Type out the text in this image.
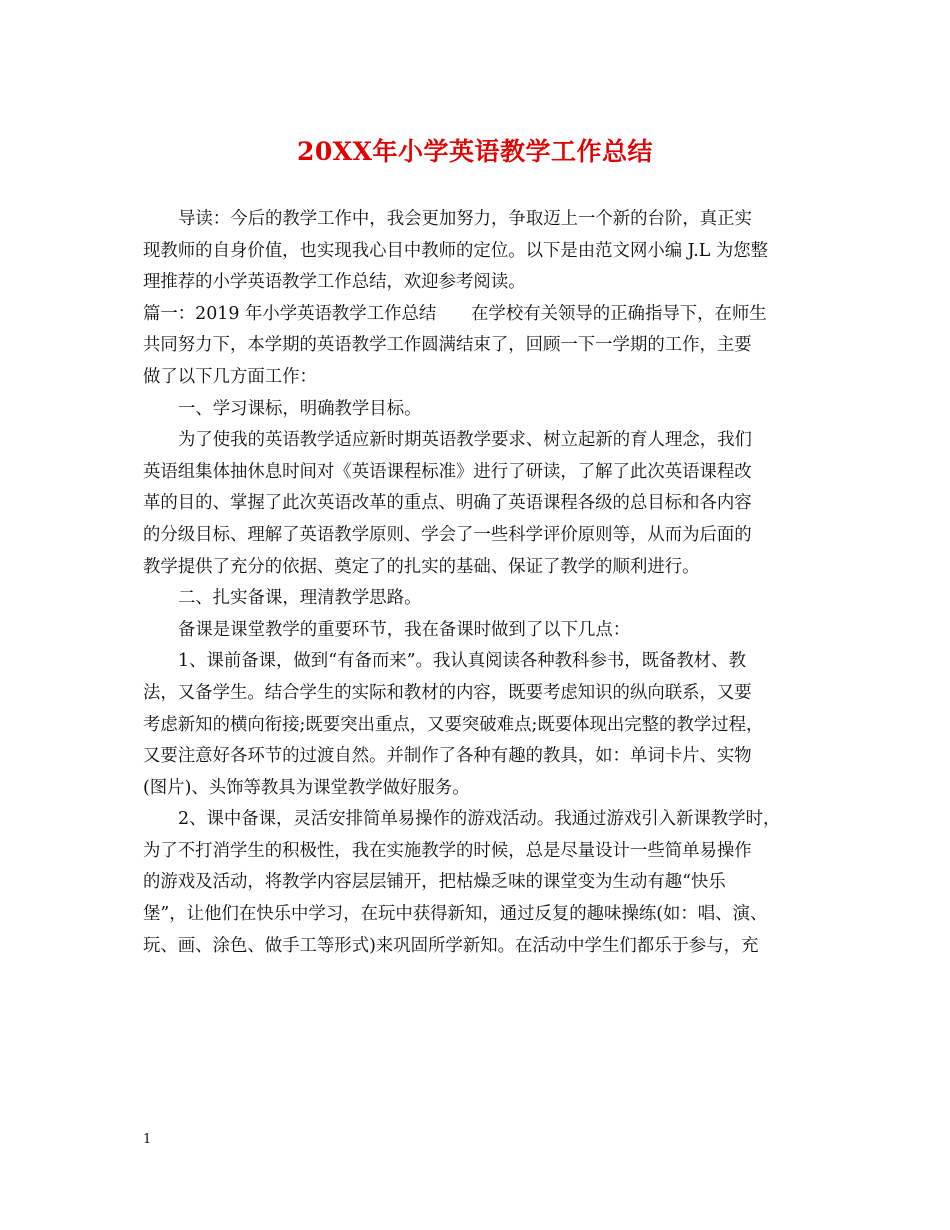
20XX年小学英语教学工作总结
导读：今后的教学工作中，我会更加努力，争取迈上一个新的台阶，真正实
现教师的自身价值，也实现我心目中教师的定位。以下是由范文网小编 J.L 为您整
理推荐的小学英语教学工作总结，欢迎参考阅读。
篇一：2019 年小学英语教学工作总结　　在学校有关领导的正确指导下，在师生
共同努力下，本学期的英语教学工作圆满结束了，回顾一下一学期的工作，主要
做了以下几方面工作：
一、学习课标，明确教学目标。
为了使我的英语教学适应新时期英语教学要求、树立起新的育人理念，我们
英语组集体抽休息时间对《英语课程标准》进行了研读，了解了此次英语课程改
革的目的、掌握了此次英语改革的重点、明确了英语课程各级的总目标和各内容
的分级目标、理解了英语教学原则、学会了一些科学评价原则等，从而为后面的
教学提供了充分的依据、奠定了的扎实的基础、保证了教学的顺利进行。
二、扎实备课，理清教学思路。
备课是课堂教学的重要环节，我在备课时做到了以下几点：
1、课前备课，做到“有备而来”。我认真阅读各种教科参书，既备教材、教
法，又备学生。结合学生的实际和教材的内容，既要考虑知识的纵向联系，又要
考虑新知的横向衔接;既要突出重点，又要突破难点;既要体现出完整的教学过程，
又要注意好各环节的过渡自然。并制作了各种有趣的教具，如：单词卡片、实物
(图片)、头饰等教具为课堂教学做好服务。
2、课中备课，灵活安排简单易操作的游戏活动。我通过游戏引入新课教学时，
为了不打消学生的积极性，我在实施教学的时候，总是尽量设计一些简单易操作
的游戏及活动，将教学内容层层铺开，把枯燥乏味的课堂变为生动有趣“快乐
堡”，让他们在快乐中学习，在玩中获得新知，通过反复的趣味操练(如：唱、演、
玩、画、涂色、做手工等形式)来巩固所学新知。在活动中学生们都乐于参与，充
1
